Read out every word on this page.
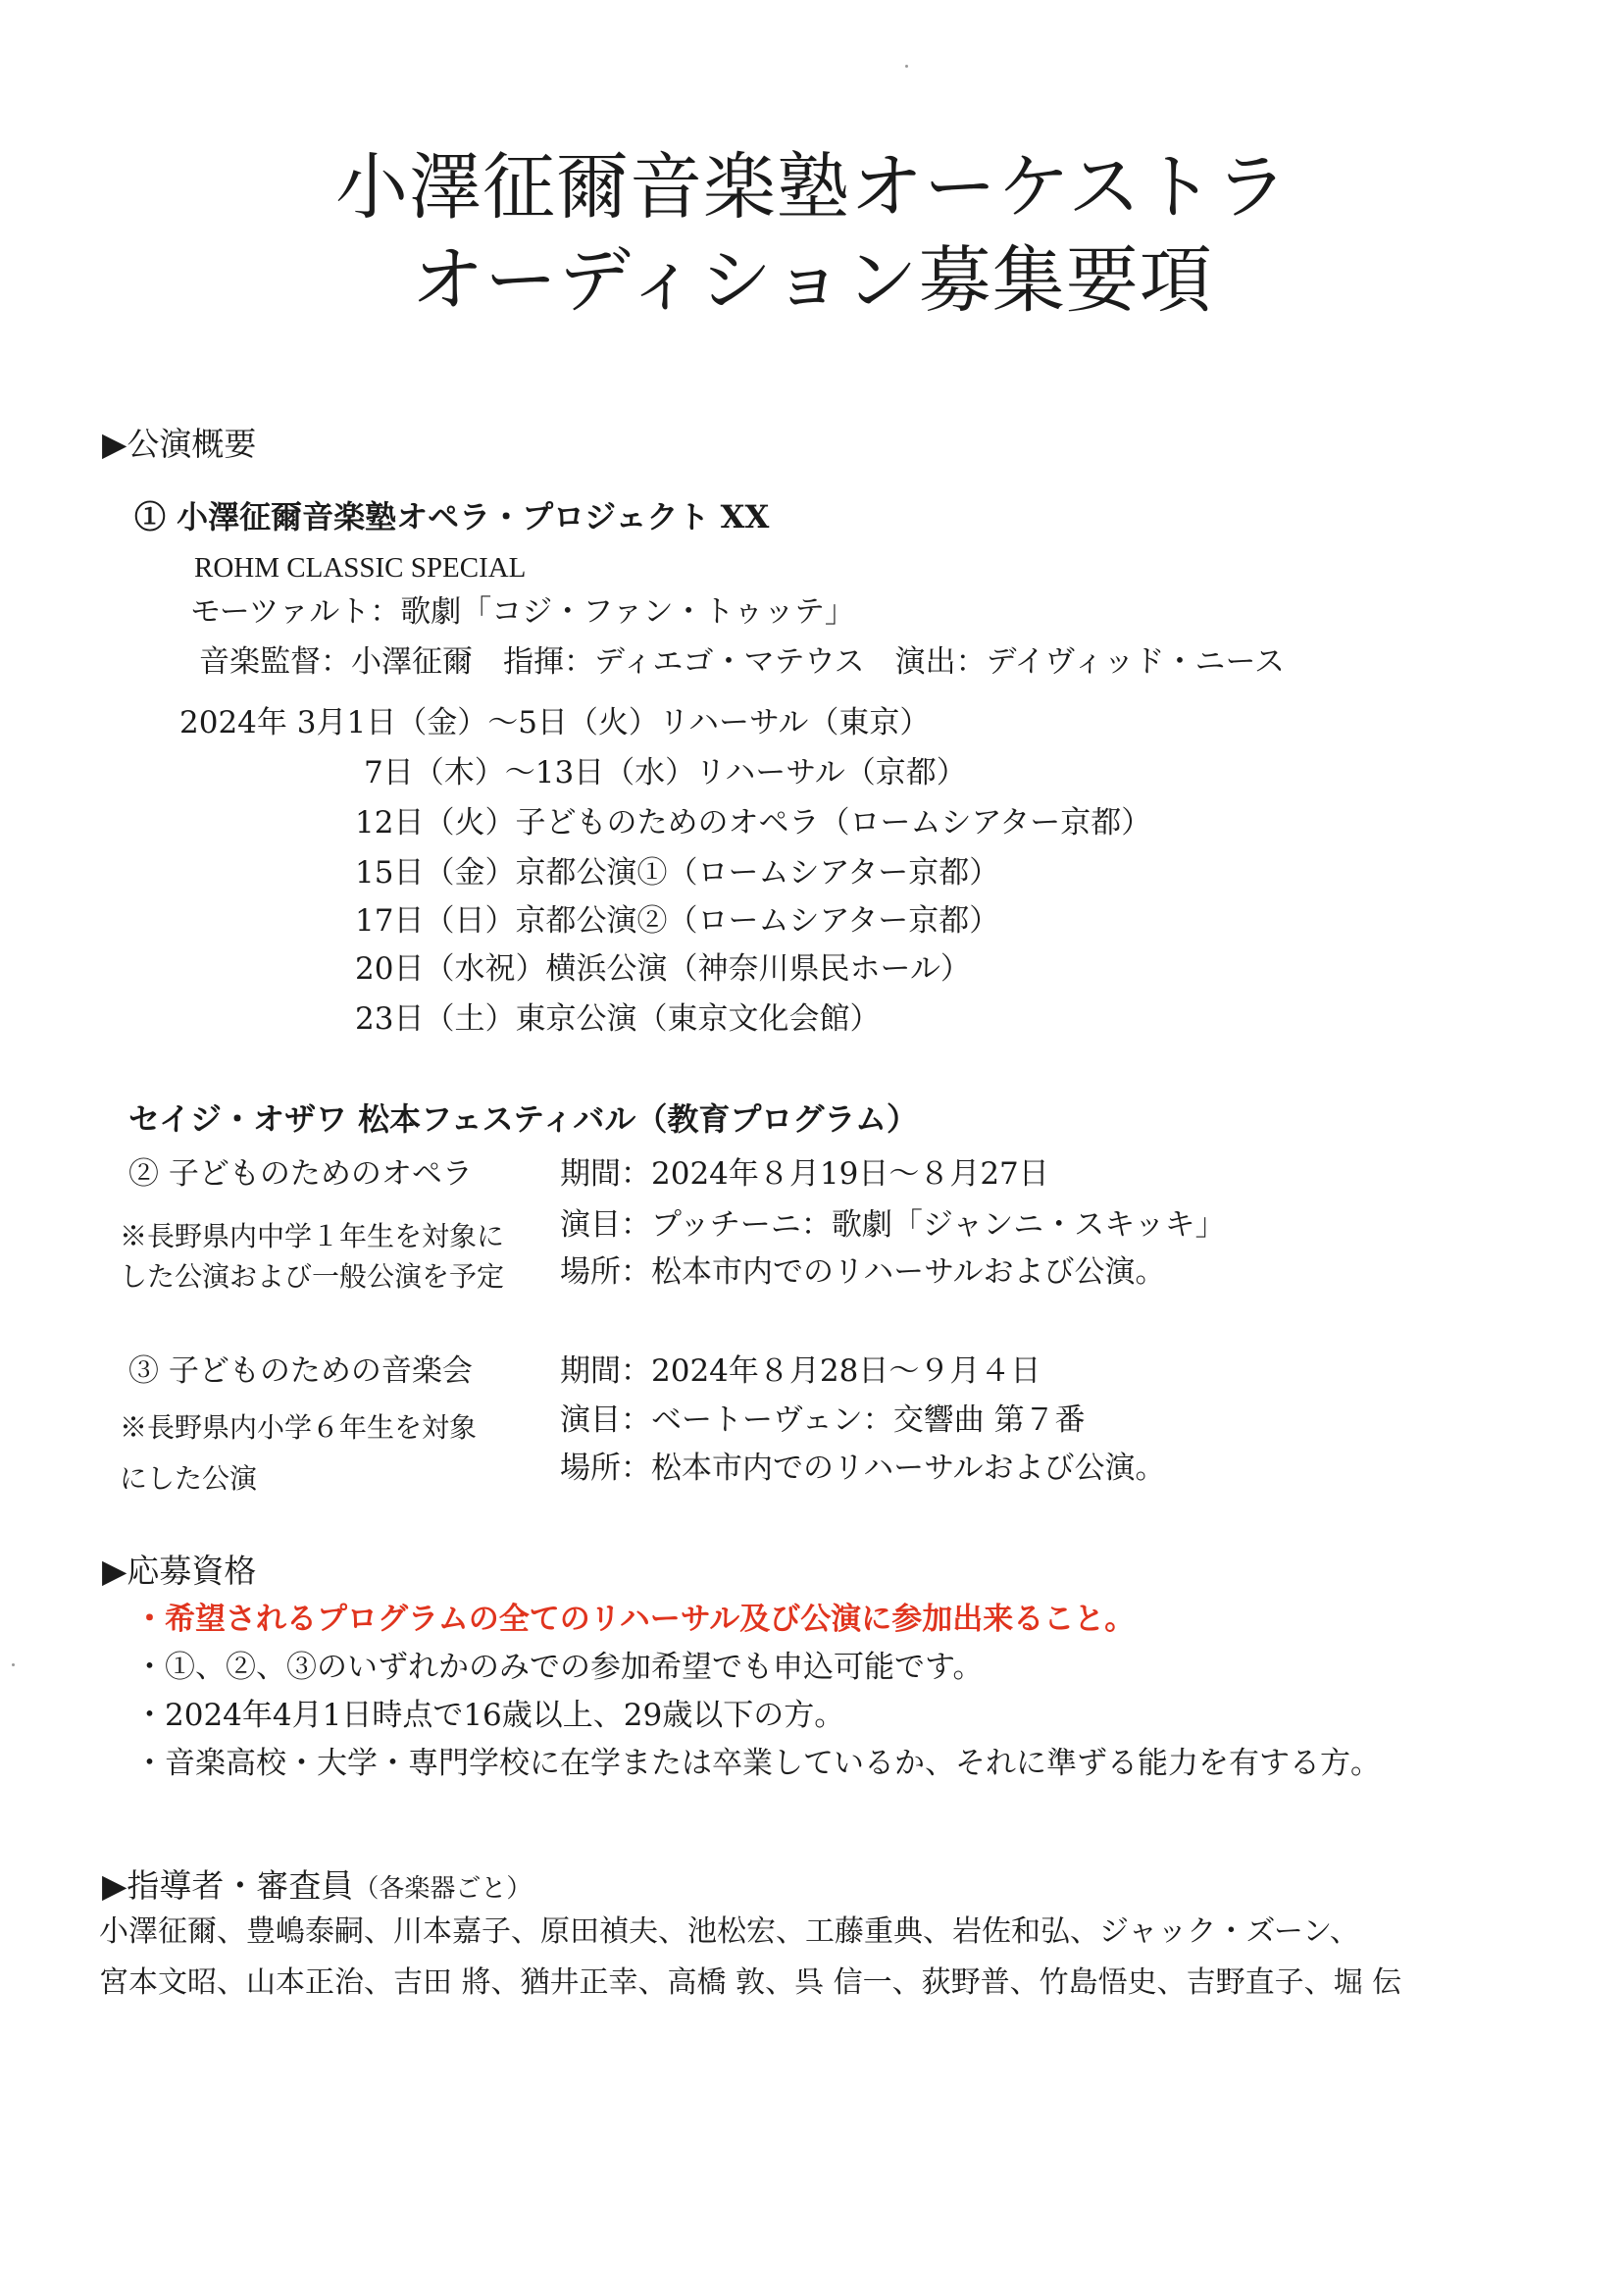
小澤征爾音楽塾オーケストラ
オーディション募集要項
▶公演概要
① 小澤征爾音楽塾オペラ・プロジェクト XX
ROHM CLASSIC SPECIAL
モーツァルト：歌劇「コジ・ファン・トゥッテ」
音楽監督：小澤征爾　指揮：ディエゴ・マテウス　演出：デイヴィッド・ニース
2024年 3月1日（金）～5日（火）リハーサル（東京）
7日（木）～13日（水）リハーサル（京都）
12日（火）子どものためのオペラ（ロームシアター京都）
15日（金）京都公演①（ロームシアター京都）
17日（日）京都公演②（ロームシアター京都）
20日（水祝）横浜公演（神奈川県民ホール）
23日（土）東京公演（東京文化会館）
セイジ・オザワ 松本フェスティバル（教育プログラム）
② 子どものためのオペラ
※長野県内中学１年生を対象に
した公演および一般公演を予定
期間：2024年８月19日～８月27日
演目：プッチーニ：歌劇「ジャンニ・スキッキ」
場所：松本市内でのリハーサルおよび公演。
③ 子どものための音楽会
※長野県内小学６年生を対象
にした公演
期間：2024年８月28日～９月４日
演目：ベートーヴェン：交響曲 第７番
場所：松本市内でのリハーサルおよび公演。
▶応募資格
・希望されるプログラムの全てのリハーサル及び公演に参加出来ること。
・①、②、③のいずれかのみでの参加希望でも申込可能です。
・2024年4月1日時点で16歳以上、29歳以下の方。
・音楽高校・大学・専門学校に在学または卒業しているか、それに準ずる能力を有する方。
▶指導者・審査員（各楽器ごと）
小澤征爾、豊嶋泰嗣、川本嘉子、原田禎夫、池松宏、工藤重典、岩佐和弘、ジャック・ズーン、
宮本文昭、山本正治、吉田 將、猶井正幸、高橋 敦、呉 信一、荻野普、竹島悟史、吉野直子、堀 伝
